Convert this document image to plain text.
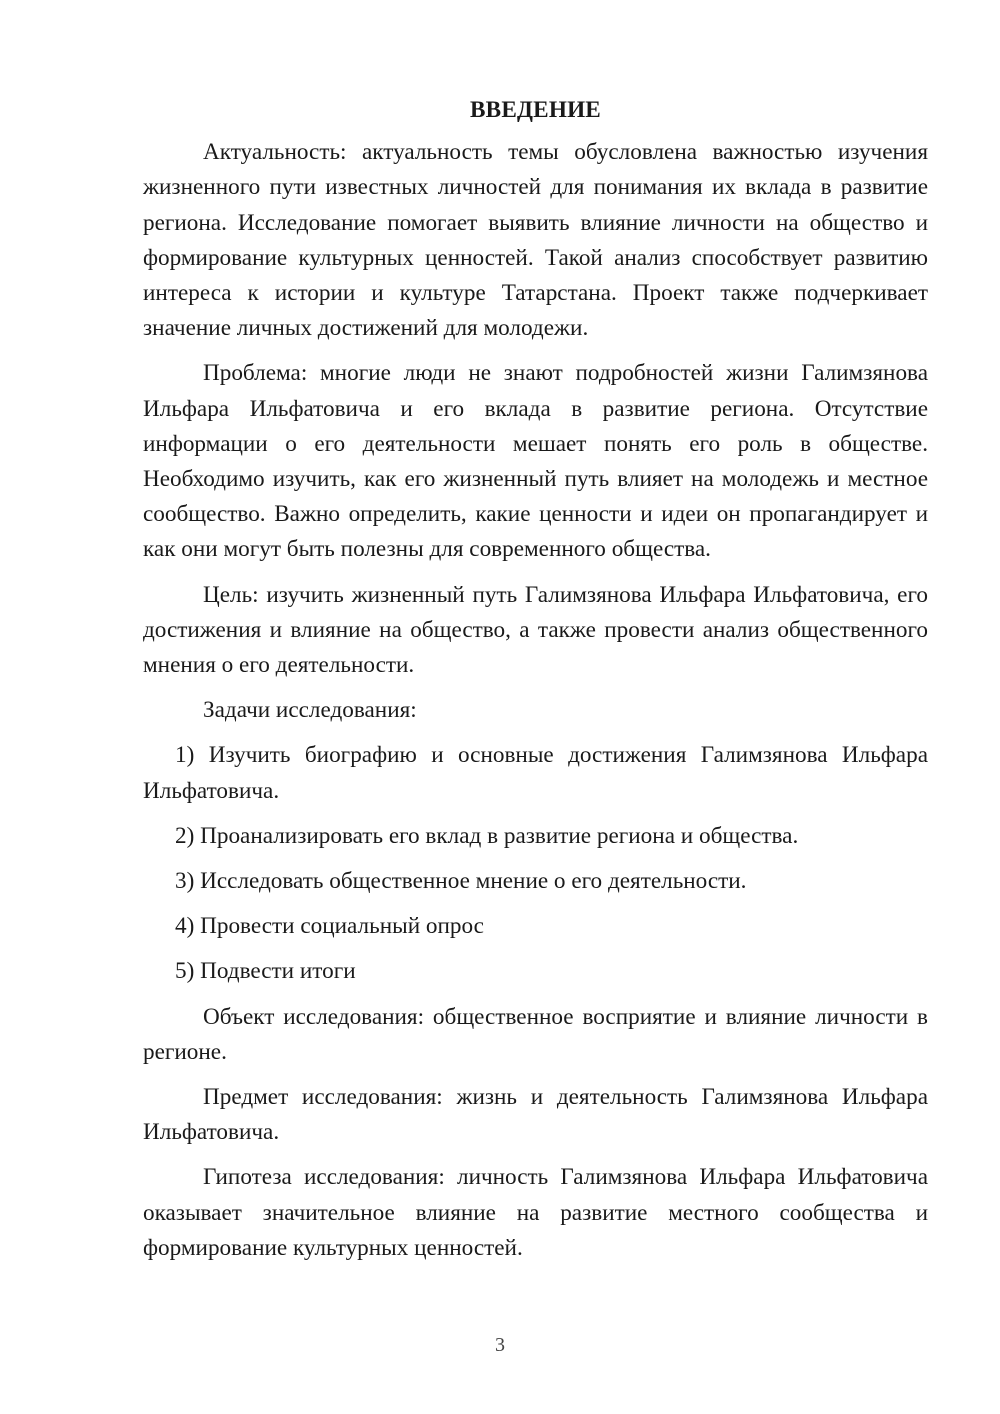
ВВЕДЕНИЕ

Актуальность: актуальность темы обусловлена важностью изучения жизненного пути известных личностей для понимания их вклада в развитие региона. Исследование помогает выявить влияние личности на общество и формирование культурных ценностей. Такой анализ способствует развитию интереса к истории и культуре Татарстана. Проект также подчеркивает значение личных достижений для молодежи.

Проблема: многие люди не знают подробностей жизни Галимзянова Ильфара Ильфатовича и его вклада в развитие региона. Отсутствие информации о его деятельности мешает понять его роль в обществе. Необходимо изучить, как его жизненный путь влияет на молодежь и местное сообщество. Важно определить, какие ценности и идеи он пропагандирует и как они могут быть полезны для современного общества.

Цель: изучить жизненный путь Галимзянова Ильфара Ильфатовича, его достижения и влияние на общество, а также провести анализ общественного мнения о его деятельности.

Задачи исследования:

1) Изучить биографию и основные достижения Галимзянова Ильфара Ильфатовича.

2) Проанализировать его вклад в развитие региона и общества.

3) Исследовать общественное мнение о его деятельности.

4) Провести социальный опрос

5) Подвести итоги

Объект исследования: общественное восприятие и влияние личности в регионе.

Предмет исследования: жизнь и деятельность Галимзянова Ильфара Ильфатовича.

Гипотеза исследования: личность Галимзянова Ильфара Ильфатовича оказывает значительное влияние на развитие местного сообщества и формирование культурных ценностей.

3
